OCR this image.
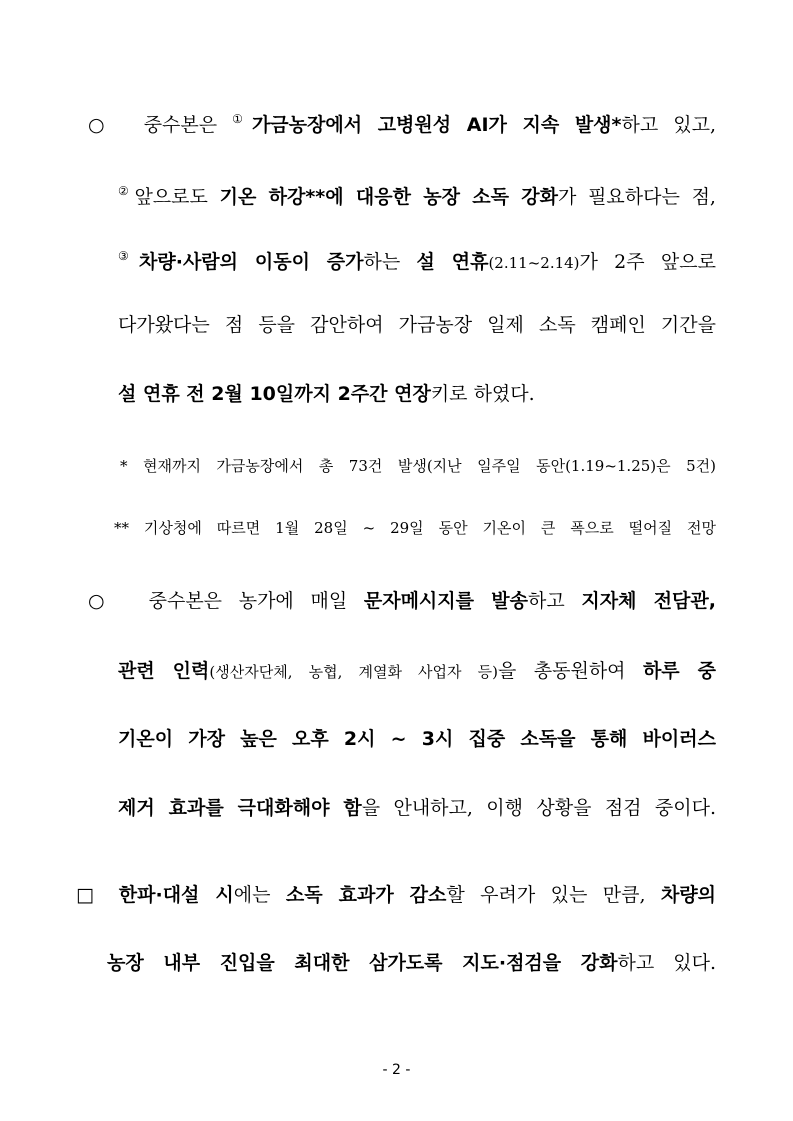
○ 중수본은 ①가금농장에서 고병원성 AI가 지속 발생*하고 있고,
②앞으로도 기온 하강**에 대응한 농장 소독 강화가 필요하다는 점,
③차량·사람의 이동이 증가하는 설 연휴(2.11~2.14)가 2주 앞으로
다가왔다는 점 등을 감안하여 가금농장 일제 소독 캠페인 기간을
설 연휴 전 2월 10일까지 2주간 연장키로 하였다.
* 현재까지 가금농장에서 총 73건 발생(지난 일주일 동안(1.19~1.25)은 5건)
** 기상청에 따르면 1월 28일 ~ 29일 동안 기온이 큰 폭으로 떨어질 전망
○ 중수본은 농가에 매일 문자메시지를 발송하고 지자체 전담관,
관련 인력(생산자단체, 농협, 계열화 사업자 등)을 총동원하여 하루 중
기온이 가장 높은 오후 2시 ~ 3시 집중 소독을 통해 바이러스
제거 효과를 극대화해야 함을 안내하고, 이행 상황을 점검 중이다.
□ 한파·대설 시에는 소독 효과가 감소할 우려가 있는 만큼, 차량의
농장 내부 진입을 최대한 삼가도록 지도·점검을 강화하고 있다.
- 2 -
